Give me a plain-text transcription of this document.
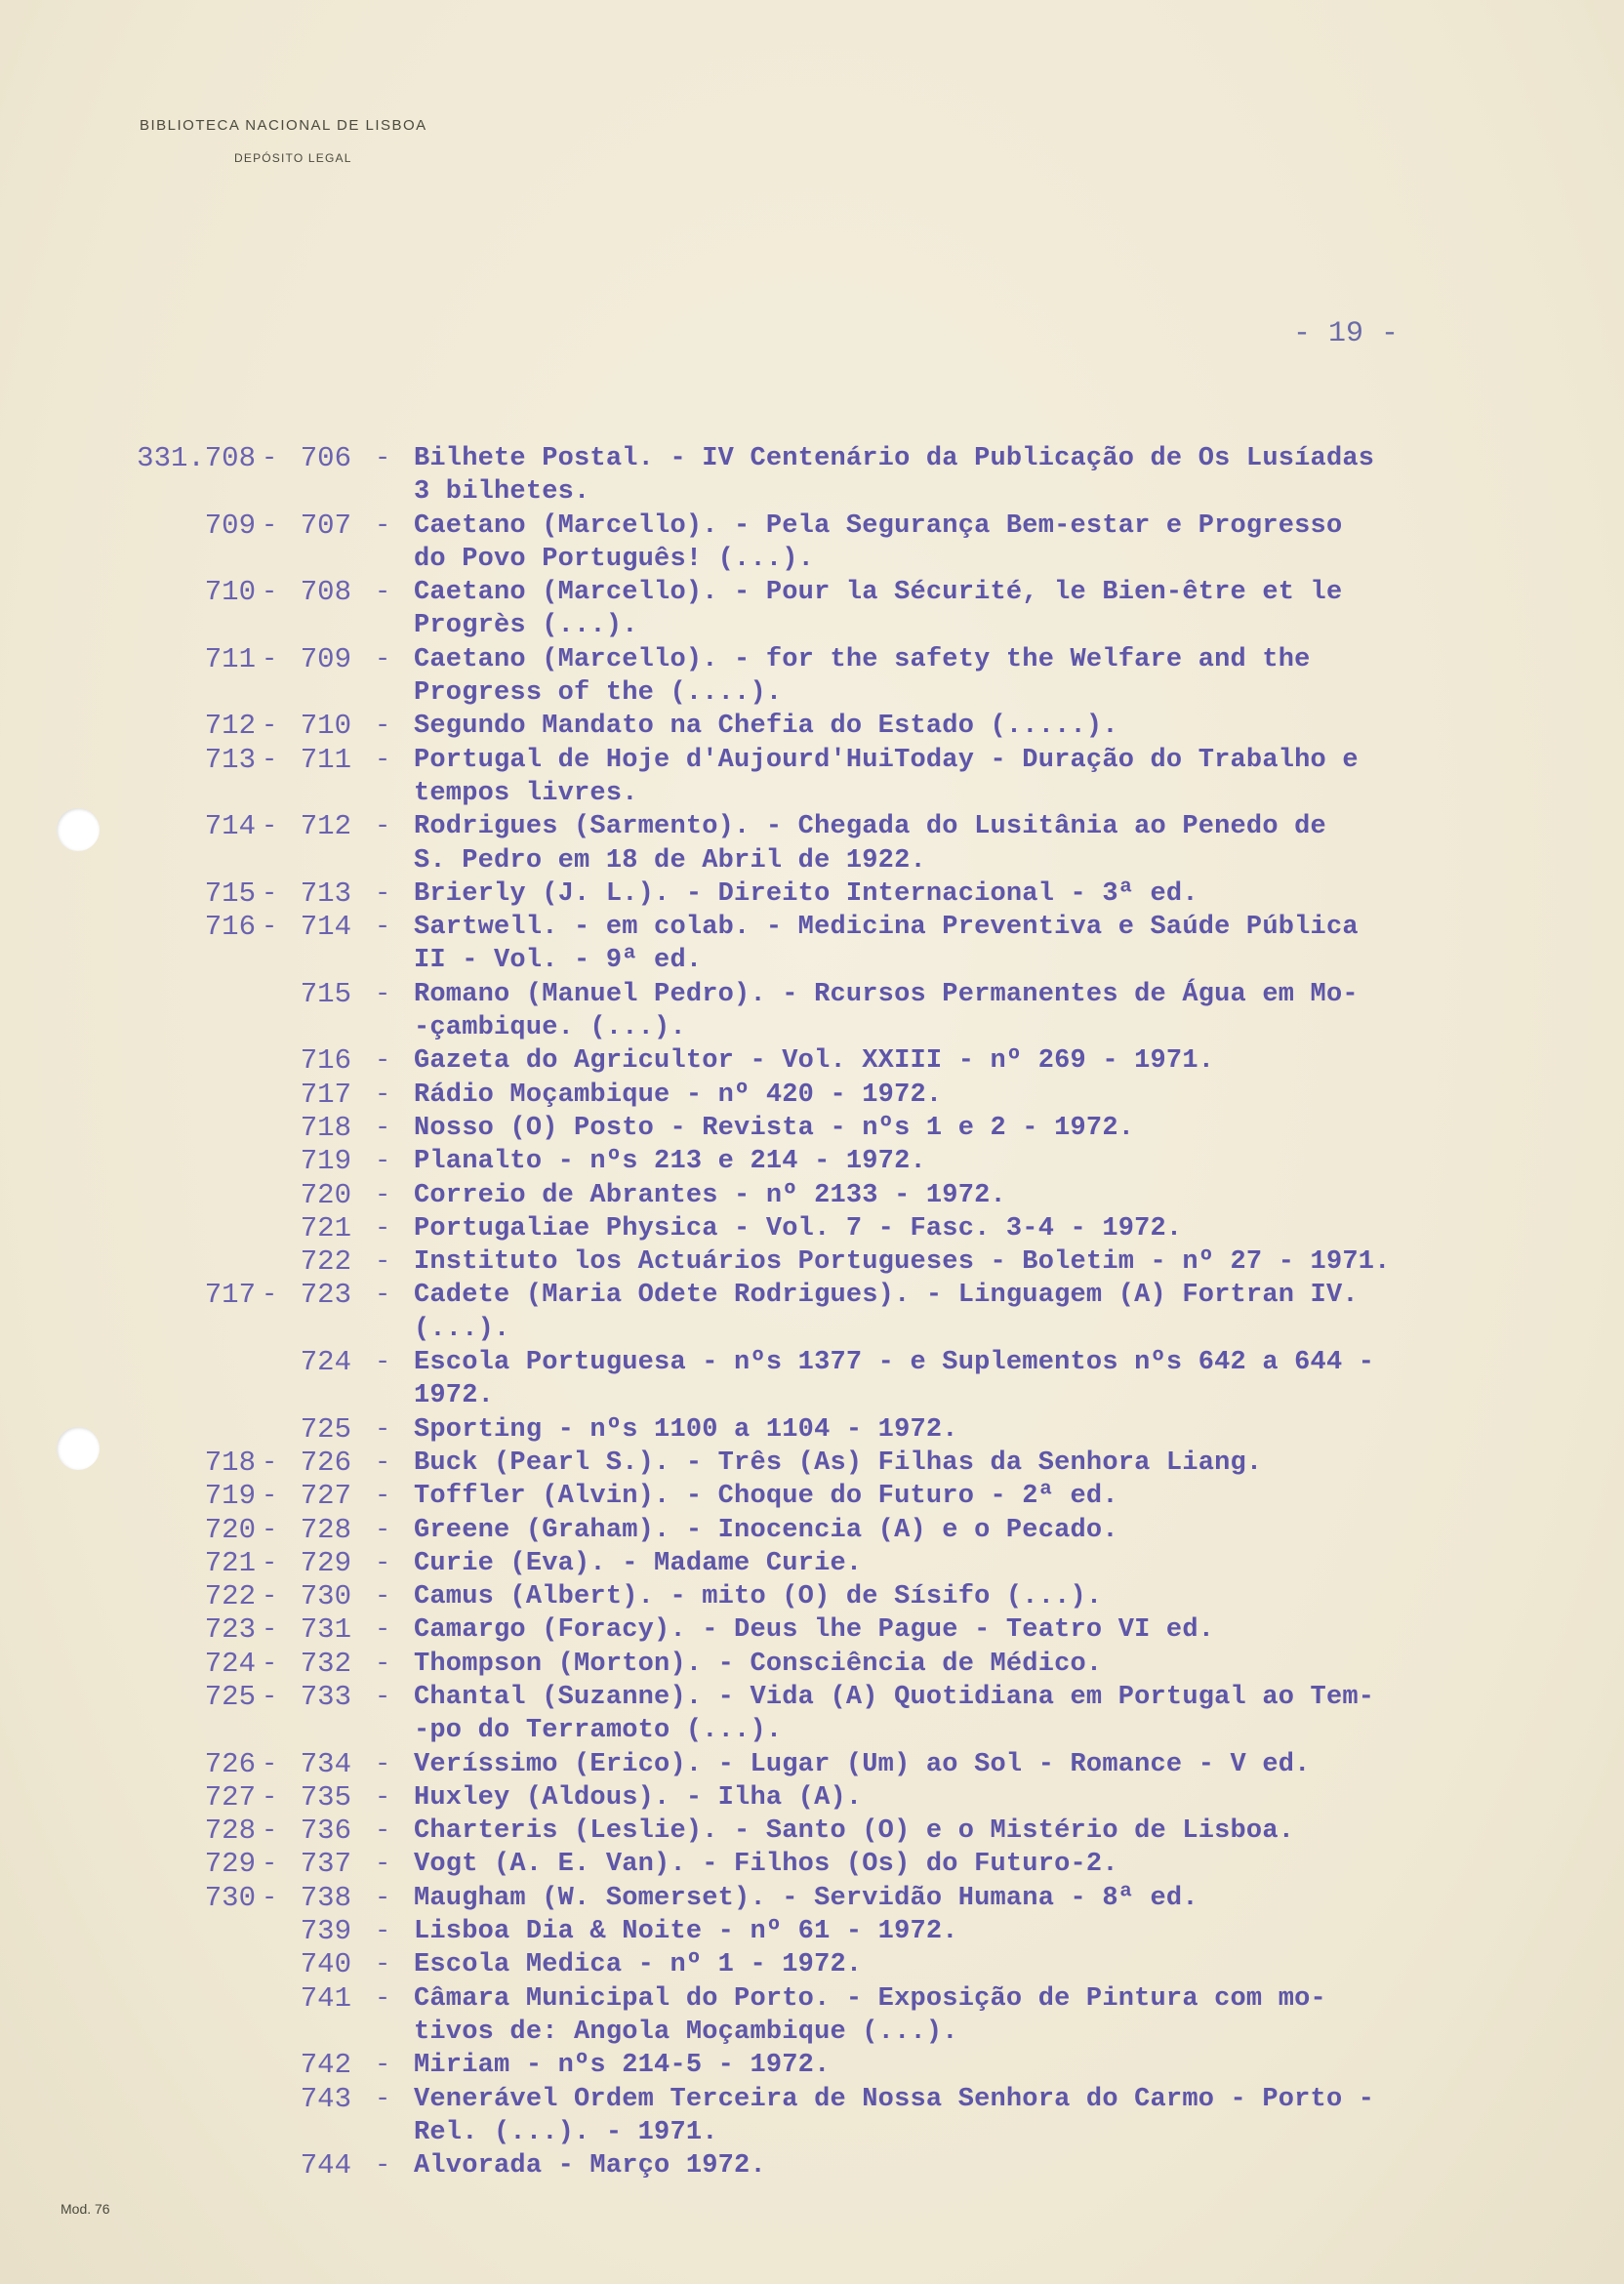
BIBLIOTECA NACIONAL DE LISBOA
DEPÓSITO LEGAL
- 19 -
331.708 - 706 - Bilhete Postal. - IV Centenário da Publicação de Os Lusíadas
3 bilhetes.
709 - 707 - Caetano (Marcello). - Pela Segurança Bem-estar e Progresso
do Povo Português! (...).
710 - 708 - Caetano (Marcello). - Pour la Sécurité, le Bien-être et le
Progrès (...).
711 - 709 - Caetano (Marcello). - for the safety the Welfare and the
Progress of the (....).
712 - 710 - Segundo Mandato na Chefia do Estado (.....).
713 - 711 - Portugal de Hoje d'Aujourd'HuiToday - Duração do Trabalho e
tempos livres.
714 - 712 - Rodrigues (Sarmento). - Chegada do Lusitânia ao Penedo de
S. Pedro em 18 de Abril de 1922.
715 - 713 - Brierly (J. L.). - Direito Internacional - 3ª ed.
716 - 714 - Sartwell. - em colab. - Medicina Preventiva e Saúde Pública
II - Vol. - 9ª ed.
715 - Romano (Manuel Pedro). - Rcursos Permanentes de Água em Mo-
-çambique. (...).
716 - Gazeta do Agricultor - Vol. XXIII - nº 269 - 1971.
717 - Rádio Moçambique - nº 420 - 1972.
718 - Nosso (O) Posto - Revista - nºs 1 e 2 - 1972.
719 - Planalto - nºs 213 e 214 - 1972.
720 - Correio de Abrantes - nº 2133 - 1972.
721 - Portugaliae Physica - Vol. 7 - Fasc. 3-4 - 1972.
722 - Instituto los Actuários Portugueses - Boletim - nº 27 - 1971.
717 - 723 - Cadete (Maria Odete Rodrigues). - Linguagem (A) Fortran IV.
(...).
724 - Escola Portuguesa - nºs 1377 - e Suplementos nºs 642 a 644 -
1972.
725 - Sporting - nºs 1100 a 1104 - 1972.
718 - 726 - Buck (Pearl S.). - Três (As) Filhas da Senhora Liang.
719 - 727 - Toffler (Alvin). - Choque do Futuro - 2ª ed.
720 - 728 - Greene (Graham). - Inocencia (A) e o Pecado.
721 - 729 - Curie (Eva). - Madame Curie.
722 - 730 - Camus (Albert). - mito (O) de Sísifo (...).
723 - 731 - Camargo (Foracy). - Deus lhe Pague - Teatro VI ed.
724 - 732 - Thompson (Morton). - Consciência de Médico.
725 - 733 - Chantal (Suzanne). - Vida (A) Quotidiana em Portugal ao Tem-
-po do Terramoto (...).
726 - 734 - Veríssimo (Erico). - Lugar (Um) ao Sol - Romance - V ed.
727 - 735 - Huxley (Aldous). - Ilha (A).
728 - 736 - Charteris (Leslie). - Santo (O) e o Mistério de Lisboa.
729 - 737 - Vogt (A. E. Van). - Filhos (Os) do Futuro-2.
730 - 738 - Maugham (W. Somerset). - Servidão Humana - 8ª ed.
739 - Lisboa Dia & Noite - nº 61 - 1972.
740 - Escola Medica - nº 1 - 1972.
741 - Câmara Municipal do Porto. - Exposição de Pintura com mo-
tivos de: Angola Moçambique (...).
742 - Miriam - nºs 214-5 - 1972.
743 - Venerável Ordem Terceira de Nossa Senhora do Carmo - Porto -
Rel. (...). - 1971.
744 - Alvorada - Março 1972.
Mod. 76
